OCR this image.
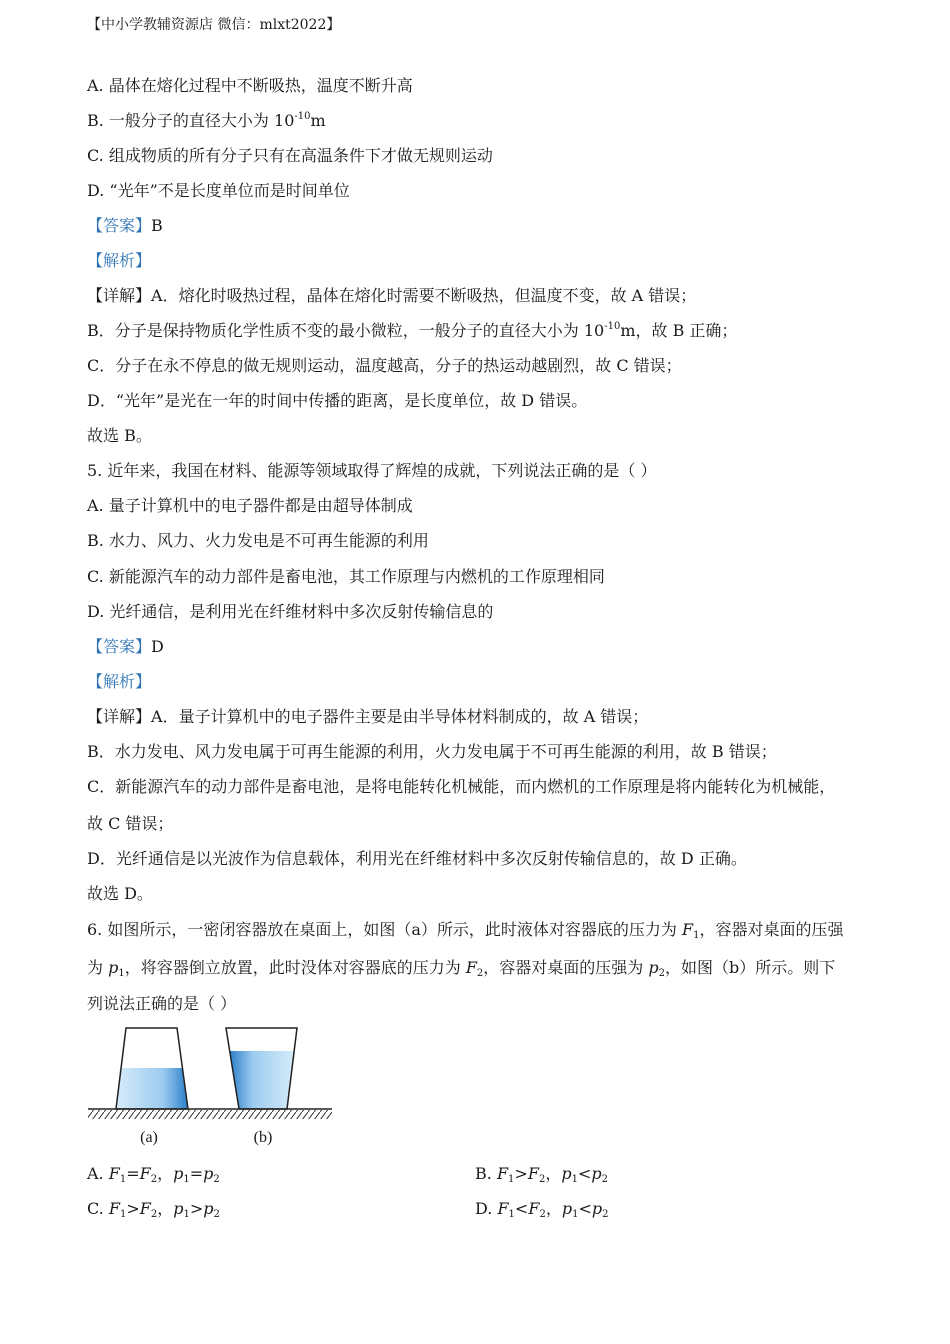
【中小学教辅资源店 微信：mlxt2022】
A. 晶体在熔化过程中不断吸热，温度不断升高
B. 一般分子的直径大小为 $10^{-10}m$
C. 组成物质的所有分子只有在高温条件下才做无规则运动
D. “光年”不是长度单位而是时间单位
【答案】B
【解析】
【详解】A．熔化时吸热过程，晶体在熔化时需要不断吸热，但温度不变，故 A 错误；
B．分子是保持物质化学性质不变的最小微粒，一般分子的直径大小为 $10^{-10}m$，故 B 正确；
C．分子在永不停息的做无规则运动，温度越高，分子的热运动越剧烈，故 C 错误；
D．“光年”是光在一年的时间中传播的距离，是长度单位，故 D 错误。
故选 B。
5. 近年来，我国在材料、能源等领域取得了辉煌的成就，下列说法正确的是（ ）
A. 量子计算机中的电子器件都是由超导体制成
B. 水力、风力、火力发电是不可再生能源的利用
C. 新能源汽车的动力部件是畜电池，其工作原理与内燃机的工作原理相同
D. 光纤通信，是利用光在纤维材料中多次反射传输信息的
【答案】D
【解析】
【详解】A．量子计算机中的电子器件主要是由半导体材料制成的，故 A 错误；
B．水力发电、风力发电属于可再生能源的利用，火力发电属于不可再生能源的利用，故 B 错误；
C．新能源汽车的动力部件是畜电池，是将电能转化机械能，而内燃机的工作原理是将内能转化为机械能，
故 C 错误；
D．光纤通信是以光波作为信息载体，利用光在纤维材料中多次反射传输信息的，故 D 正确。
故选 D。
6. 如图所示，一密闭容器放在桌面上，如图（a）所示，此时液体对容器底的压力为 $F_1$，容器对桌面的压强
为 $p_1$，将容器倒立放置，此时没体对容器底的压力为 $F_2$，容器对桌面的压强为 $p_2$，如图（b）所示。则下
列说法正确的是（ ）
(a)	(b)
A. $F_1=F_2$，$p_1=p_2$	B. $F_1>F_2$，$p_1<p_2$
C. $F_1>F_2$，$p_1>p_2$	D. $F_1<F_2$，$p_1<p_2$
